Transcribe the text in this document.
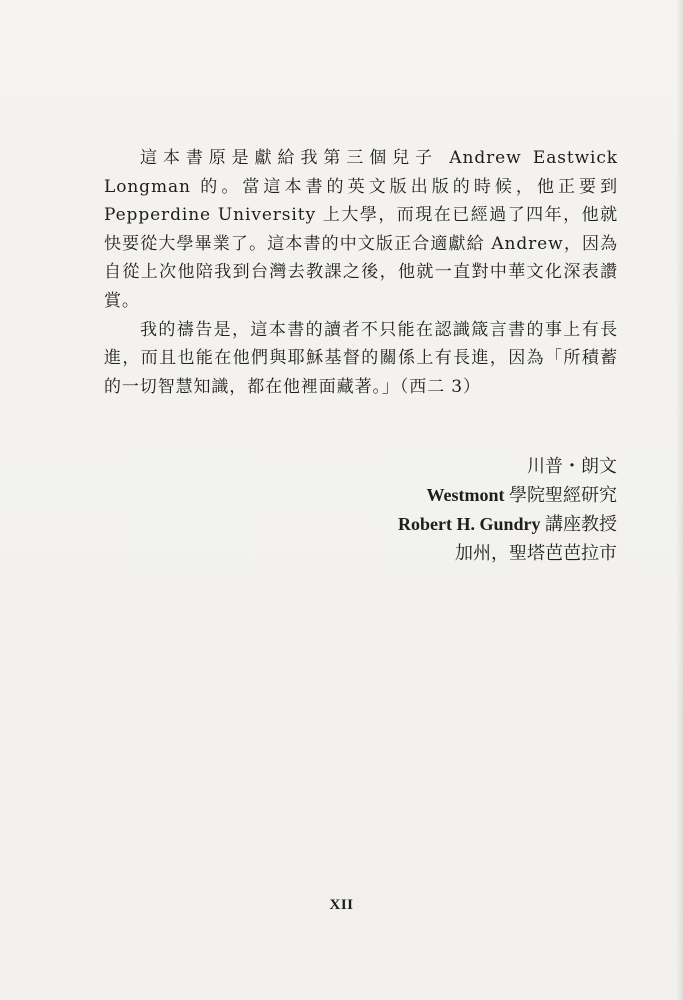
這本書原是獻給我第三個兒子 Andrew Eastwick Longman 的。當這本書的英文版出版的時候，他正要到 Pepperdine University 上大學，而現在已經過了四年，他就快要從大學畢業了。這本書的中文版正合適獻給 Andrew，因為自從上次他陪我到台灣去教課之後，他就一直對中華文化深表讚賞。

我的禱告是，這本書的讀者不只能在認識箴言書的事上有長進，而且也能在他們與耶穌基督的關係上有長進，因為「所積蓄的一切智慧知識，都在他裡面藏著。」（西二 3）

川普・朗文
Westmont 學院聖經研究
Robert H. Gundry 講座教授
加州，聖塔芭芭拉市
XII
